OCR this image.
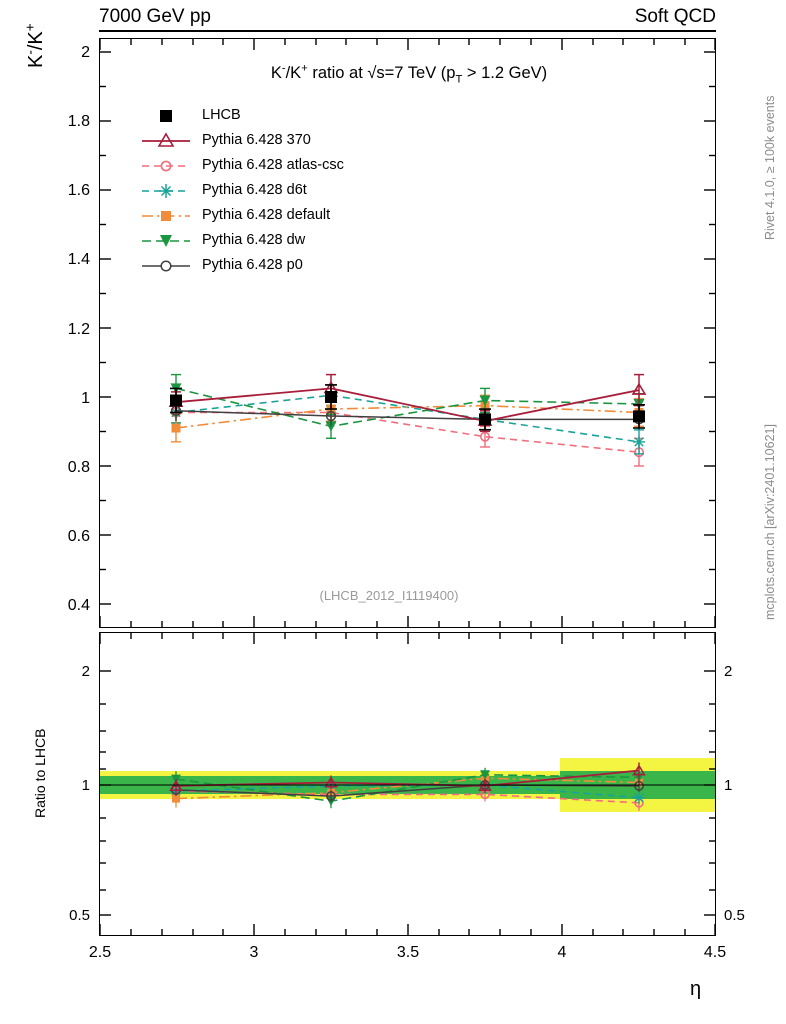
7000 GeV pp	Soft QCD
Rivet 4.1.0, ≥ 100k events
mcplots.cern.ch [arXiv:2401.10621]
K-/K+
2
1.8
1.6
1.4
1.2
1
0.8
0.6
0.4
K-/K+ ratio at √s=7 TeV ($p_T > 1.2$ GeV)
(LHCB_2012_I1119400)
LHCB
Pythia 6.428 370
Pythia 6.428 atlas-csc
Pythia 6.428 d6t
Pythia 6.428 default
Pythia 6.428 dw
Pythia 6.428 p0
Ratio to LHCB
2
1
0.5
2
1
0.5
2.5	3	3.5	4	4.5
η
